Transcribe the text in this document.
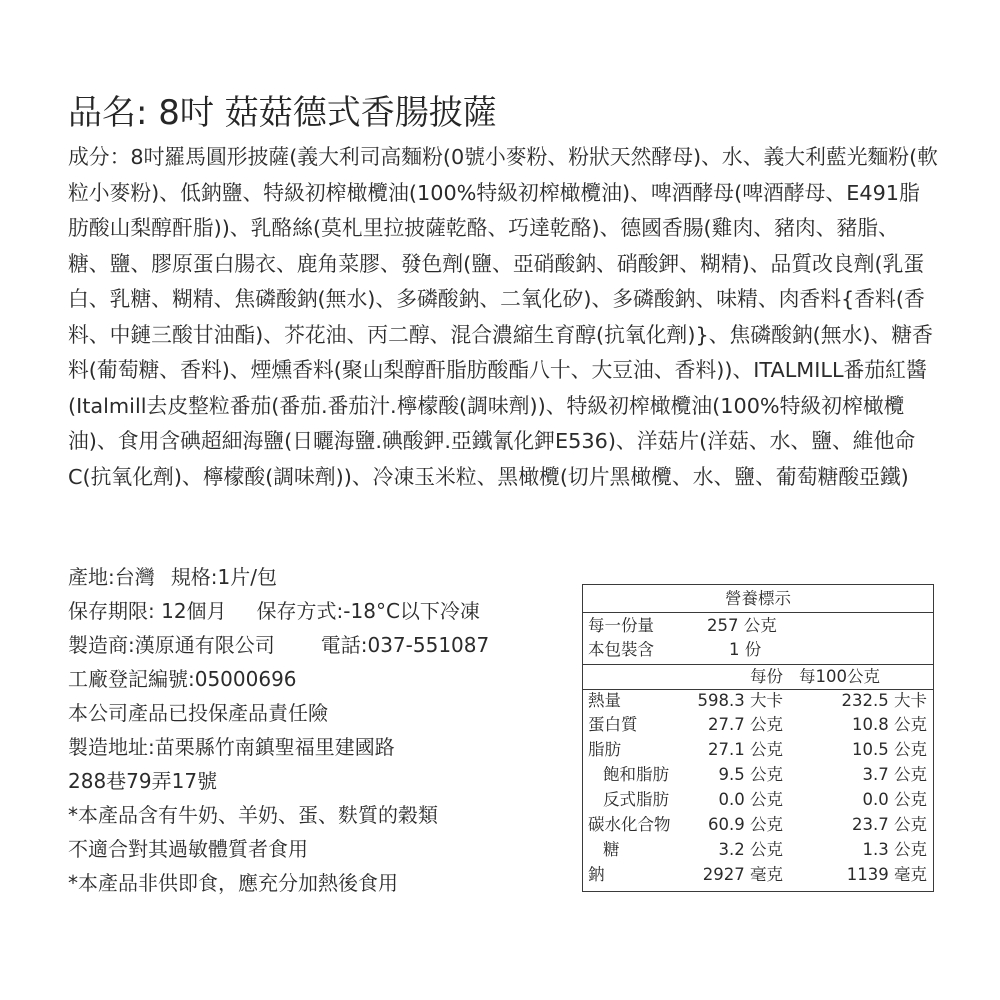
品名: 8吋 菇菇德式香腸披薩
成分：8吋羅馬圓形披薩(義大利司高麵粉(0號小麥粉、粉狀天然酵母)、水、義大利藍光麵粉(軟粒小麥粉)、低鈉鹽、特級初榨橄欖油(100%特級初榨橄欖油)、啤酒酵母(啤酒酵母、E491脂肪酸山梨醇酐脂))、乳酪絲(莫札里拉披薩乾酪、巧達乾酪)、德國香腸(雞肉、豬肉、豬脂、糖、鹽、膠原蛋白腸衣、鹿角菜膠、發色劑(鹽、亞硝酸鈉、硝酸鉀、糊精)、品質改良劑(乳蛋白、乳糖、糊精、焦磷酸鈉(無水)、多磷酸鈉、二氧化矽)、多磷酸鈉、味精、肉香料{香料(香料、中鏈三酸甘油酯)、芥花油、丙二醇、混合濃縮生育醇(抗氧化劑)}、焦磷酸鈉(無水)、糖香料(葡萄糖、香料)、煙燻香料(聚山梨醇酐脂肪酸酯八十、大豆油、香料))、ITALMILL番茄紅醬(Italmill去皮整粒番茄(番茄.番茄汁.檸檬酸(調味劑))、特級初榨橄欖油(100%特級初榨橄欖油)、食用含碘超細海鹽(日曬海鹽.碘酸鉀.亞鐵氰化鉀E536)、洋菇片(洋菇、水、鹽、維他命C(抗氧化劑)、檸檬酸(調味劑))、冷凍玉米粒、黑橄欖(切片黑橄欖、水、鹽、葡萄糖酸亞鐵)
產地:台灣 規格:1片/包
保存期限: 12個月 保存方式:-18°C以下冷凍
製造商:漢原通有限公司 電話:037-551087
工廠登記編號:05000696
本公司產品已投保產品責任險
製造地址:苗栗縣竹南鎮聖福里建國路
288巷79弄17號
*本產品含有牛奶、羊奶、蛋、麩質的穀類
不適合對其過敏體質者食用
*本產品非供即食，應充分加熱後食用
營養標示
每一份量	257 公克
本包裝含	1 份
每份 每100公克
熱量	598.3 大卡	232.5 大卡
蛋白質	27.7 公克	10.8 公克
脂肪	27.1 公克	10.5 公克
飽和脂肪	9.5 公克	3.7 公克
反式脂肪	0.0 公克	0.0 公克
碳水化合物 60.9 公克	23.7 公克
糖	3.2 公克	1.3 公克
鈉	2927 毫克	1139 毫克
